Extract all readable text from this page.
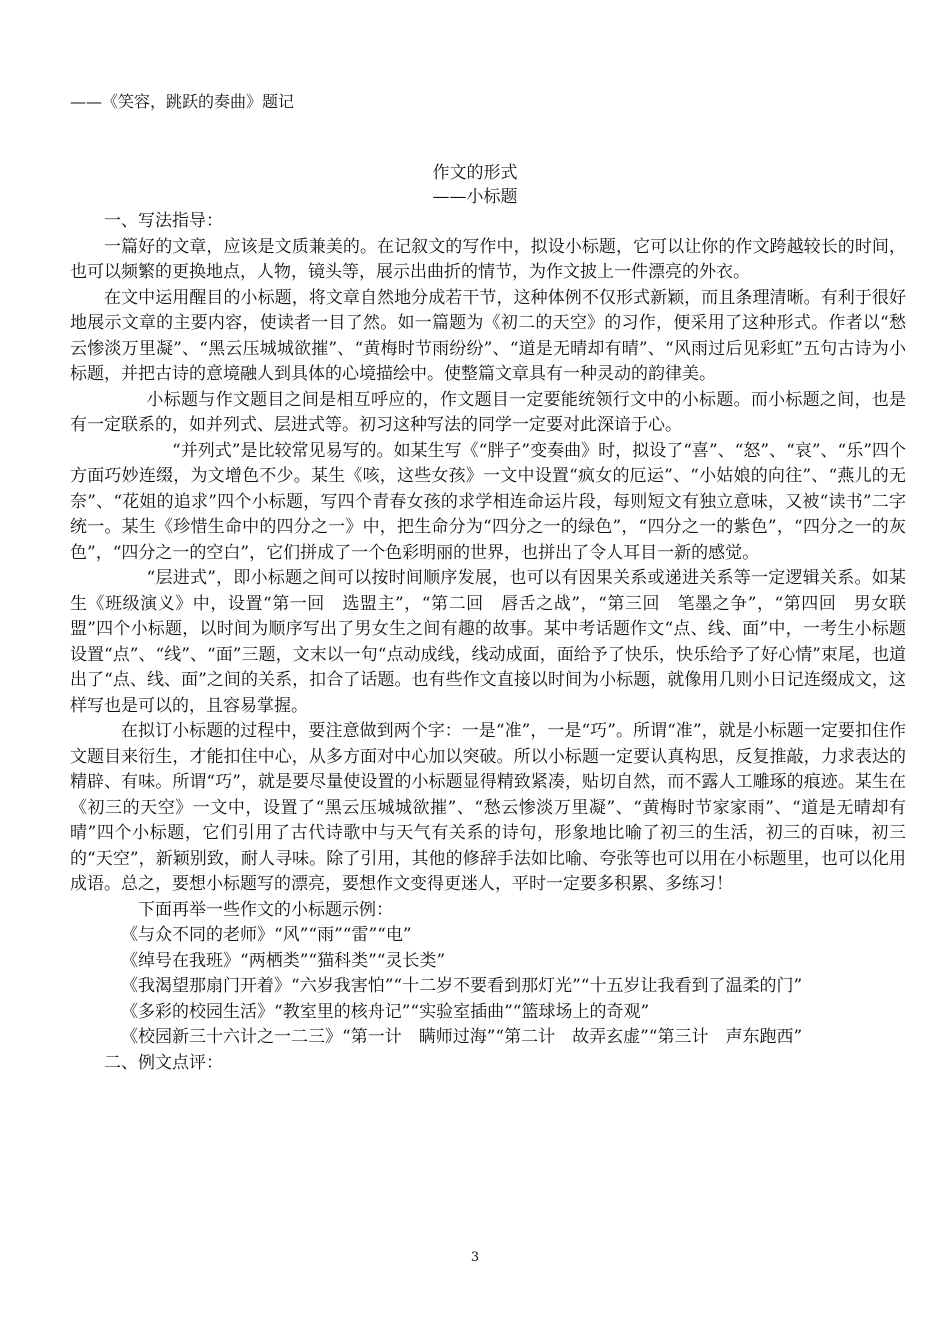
——《笑容，跳跃的奏曲》题记
作文的形式
——小标题

一、写法指导：

一篇好的文章，应该是文质兼美的。在记叙文的写作中，拟设小标题，它可以让你的作文跨越较长的时间，也可以频繁的更换地点，人物，镜头等，展示出曲折的情节，为作文披上一件漂亮的外衣。

在文中运用醒目的小标题，将文章自然地分成若干节，这种体例不仅形式新颖，而且条理清晰。有利于很好地展示文章的主要内容，使读者一目了然。如一篇题为《初二的天空》的习作，便采用了这种形式。作者以“愁云惨淡万里凝”、“黑云压城城欲摧”、“黄梅时节雨纷纷”、“道是无晴却有晴”、“风雨过后见彩虹”五句古诗为小标题，并把古诗的意境融人到具体的心境描绘中。使整篇文章具有一种灵动的韵律美。

小标题与作文题目之间是相互呼应的，作文题目一定要能统领行文中的小标题。而小标题之间，也是有一定联系的，如并列式、层进式等。初习这种写法的同学一定要对此深谙于心。

“并列式”是比较常见易写的。如某生写《“胖子”变奏曲》时，拟设了“喜”、“怒”、“哀”、“乐”四个方面巧妙连缀，为文增色不少。某生《咳，这些女孩》一文中设置“疯女的厄运”、“小姑娘的向往”、“燕儿的无奈”、“花姐的追求”四个小标题，写四个青春女孩的求学相连命运片段，每则短文有独立意味，又被“读书”二字统一。某生《珍惜生命中的四分之一》中，把生命分为“四分之一的绿色”，“四分之一的紫色”，“四分之一的灰色”，“四分之一的空白”，它们拼成了一个色彩明丽的世界，也拼出了令人耳目一新的感觉。

“层进式”，即小标题之间可以按时间顺序发展，也可以有因果关系或递进关系等一定逻辑关系。如某生《班级演义》中，设置“第一回　选盟主”，“第二回　唇舌之战”，“第三回　笔墨之争”，“第四回　男女联盟”四个小标题，以时间为顺序写出了男女生之间有趣的故事。某中考话题作文“点、线、面”中，一考生小标题设置“点”、“线”、“面”三题，文末以一句“点动成线，线动成面，面给予了快乐，快乐给予了好心情”束尾，也道出了“点、线、面”之间的关系，扣合了话题。也有些作文直接以时间为小标题，就像用几则小日记连缀成文，这样写也是可以的，且容易掌握。

在拟订小标题的过程中，要注意做到两个字：一是“准”，一是“巧”。所谓“准”，就是小标题一定要扣住作文题目来衍生，才能扣住中心，从多方面对中心加以突破。所以小标题一定要认真构思，反复推敲，力求表达的精辟、有味。所谓“巧”，就是要尽量使设置的小标题显得精致紧凑，贴切自然，而不露人工雕琢的痕迹。某生在《初三的天空》一文中，设置了“黑云压城城欲摧”、“愁云惨淡万里凝”、“黄梅时节家家雨”、“道是无晴却有晴”四个小标题，它们引用了古代诗歌中与天气有关系的诗句，形象地比喻了初三的生活，初三的百味，初三的“天空”，新颖别致，耐人寻味。除了引用，其他的修辞手法如比喻、夸张等也可以用在小标题里，也可以化用成语。总之，要想小标题写的漂亮，要想作文变得更迷人，平时一定要多积累、多练习！

下面再举一些作文的小标题示例：

《与众不同的老师》“风”“雨”“雷”“电”

《绰号在我班》“两栖类”“猫科类”“灵长类”

《我渴望那扇门开着》“六岁我害怕”“十二岁不要看到那灯光”“十五岁让我看到了温柔的门”

《多彩的校园生活》“教室里的核舟记”“实验室插曲”“篮球场上的奇观”

《校园新三十六计之一二三》“第一计　瞒师过海”“第二计　故弄玄虚”“第三计　声东跑西”

二、例文点评：

3
